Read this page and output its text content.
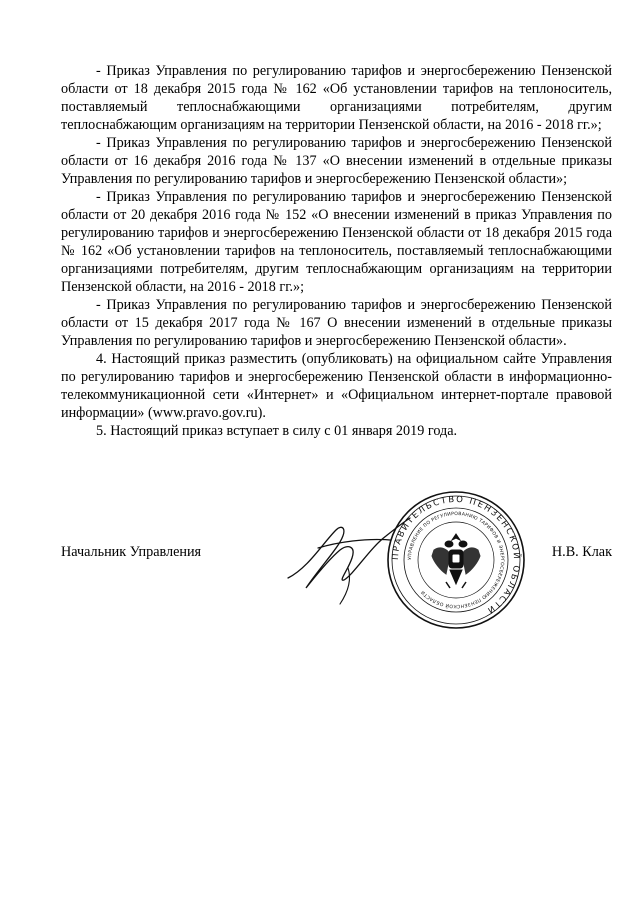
- Приказ Управления по регулированию тарифов и энергосбережению Пензенской области от 18 декабря 2015 года № 162 «Об установлении тарифов на теплоноситель, поставляемый теплоснабжающими организациями потребителям, другим теплоснабжающим организациям на территории Пензенской области, на 2016 - 2018 гг.»;

- Приказ Управления по регулированию тарифов и энергосбережению Пензенской области от 16 декабря 2016 года № 137 «О внесении изменений в отдельные приказы Управления по регулированию тарифов и энергосбережению Пензенской области»;

- Приказ Управления по регулированию тарифов и энергосбережению Пензенской области от 20 декабря 2016 года № 152 «О внесении изменений в приказ Управления по регулированию тарифов и энергосбережению Пензенской области от 18 декабря 2015 года № 162 «Об установлении тарифов на теплоноситель, поставляемый теплоснабжающими организациями потребителям, другим теплоснабжающим организациям на территории Пензенской области, на 2016 - 2018 гг.»;

- Приказ Управления по регулированию тарифов и энергосбережению Пензенской области от 15 декабря 2017 года № 167 О внесении изменений в отдельные приказы Управления по регулированию тарифов и энергосбережению Пензенской области».

4. Настоящий приказ разместить (опубликовать) на официальном сайте Управления по регулированию тарифов и энергосбережению Пензенской области в информационно-телекоммуникационной сети «Интернет» и «Официальном интернет-портале правовой информации» (www.pravo.gov.ru).

5. Настоящий приказ вступает в силу с 01 января 2019 года.

Начальник Управления	Н.В. Клак
ПРАВИТЕЛЬСТВО ПЕНЗЕНСКОЙ ОБЛАСТИ
УПРАВЛЕНИЕ ПО РЕГУЛИРОВАНИЮ ТАРИФОВ И ЭНЕРГОСБЕРЕЖЕНИЮ ПЕНЗЕНСКОЙ ОБЛАСТИ
